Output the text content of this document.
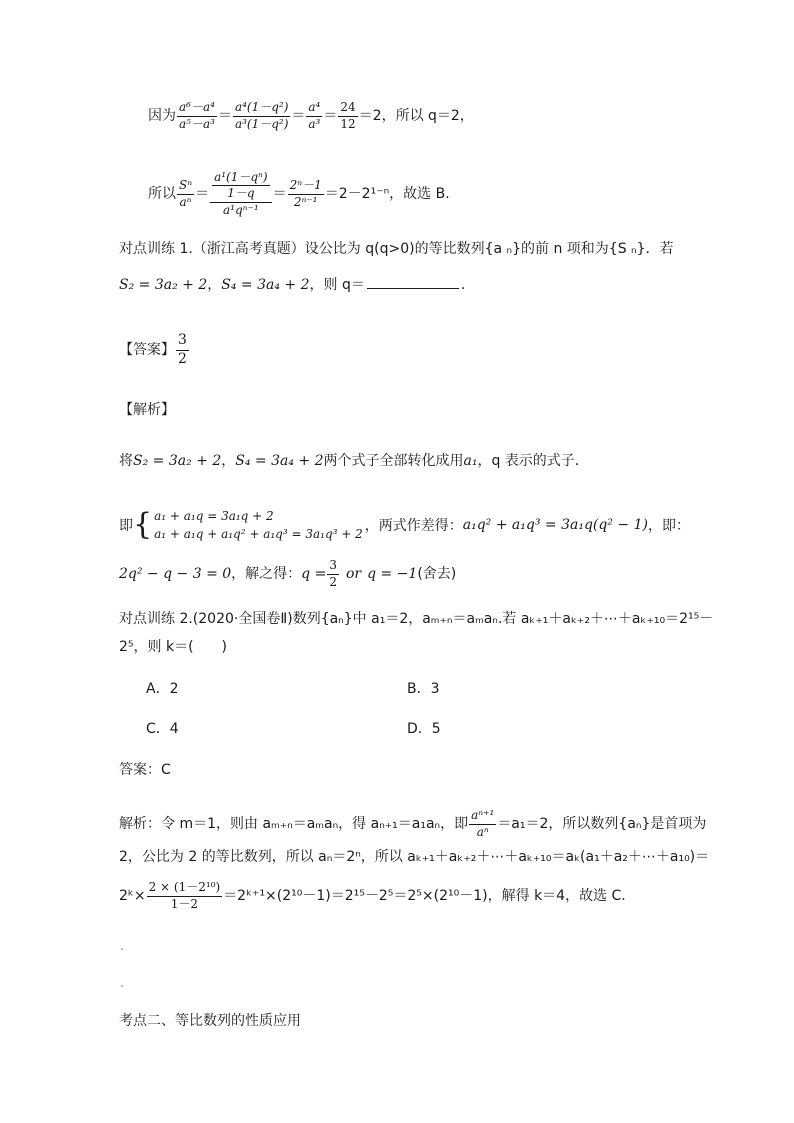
因为 $\frac{\text{a⁶－a⁴}}{\text{a⁵－a³}} = \frac{\text{a⁴(1－q²)}}{\text{a³(1－q²)}} = \frac{\text{a⁴}}{\text{a³}} = \frac{24}{12} =2$，所以 q＝2，
所以 $\frac{\text{Sⁿ}}{\text{aⁿ}} = \frac{\frac{\text{a¹(1－qⁿ)}}{1-q}}{\text{a¹qⁿ⁻¹}} = \frac{\text{2ⁿ－1}}{\text{2ⁿ⁻¹}} =2-2^{1-n}$，故选 B.
对点训练 1.（浙江高考真题）设公比为 q(q>0)的等比数列{a ₙ}的前 n 项和为{S ₙ}．若
S₂ = 3a₂ + 2，S₄ = 3a₄ + 2，则 q＝	．
【答案】 $\frac{3}{2}$
【解析】
将S₂ = 3a₂ + 2，S₄ = 3a₄ + 2两个式子全部转化成用a₁，q 表示的式子．
即 { a₁ + a₁q = 3a₁q + 2
a₁ + a₁q + a₁q² + a₁q³ = 3a₁q³ + 2 ，两式作差得： a₁q² + a₁q³ = 3a₁q(q² − 1) ，即：
2q² − q − 3 = 0，解之得：$q = \frac{3}{2}$ or q = −1(舍去)
对点训练 2.(2020·全国卷Ⅱ)数列{aₙ}中 a₁＝2，aₘ₊ₙ＝aₘaₙ.若 aₖ₊₁＋aₖ₊₂＋⋯＋aₖ₊₁₀＝2¹⁵－
2⁵，则 k＝(　　)
A．2	B．3
C．4	D．5
答案：C
解析：令 m＝1，则由 aₘ₊ₙ＝aₘaₙ，得 aₙ₊₁＝a₁aₙ，即 $\frac{\text{aⁿ⁺¹}}{\text{aⁿ}} =a_1=2$，所以数列{aₙ}是首项为
2，公比为 2 的等比数列，所以 aₙ＝2ⁿ，所以 aₖ₊₁＋aₖ₊₂＋⋯＋aₖ₊₁₀＝aₖ(a₁＋a₂＋⋯＋a₁₀)＝
2ᵏ× $\frac{\text{2 × (1－2¹⁰)}}{1-2}$ ＝2ᵏ⁺¹×(2¹⁰－1)＝2¹⁵－2⁵＝2⁵×(2¹⁰－1)，解得 k＝4，故选 C.
考点二、等比数列的性质应用
